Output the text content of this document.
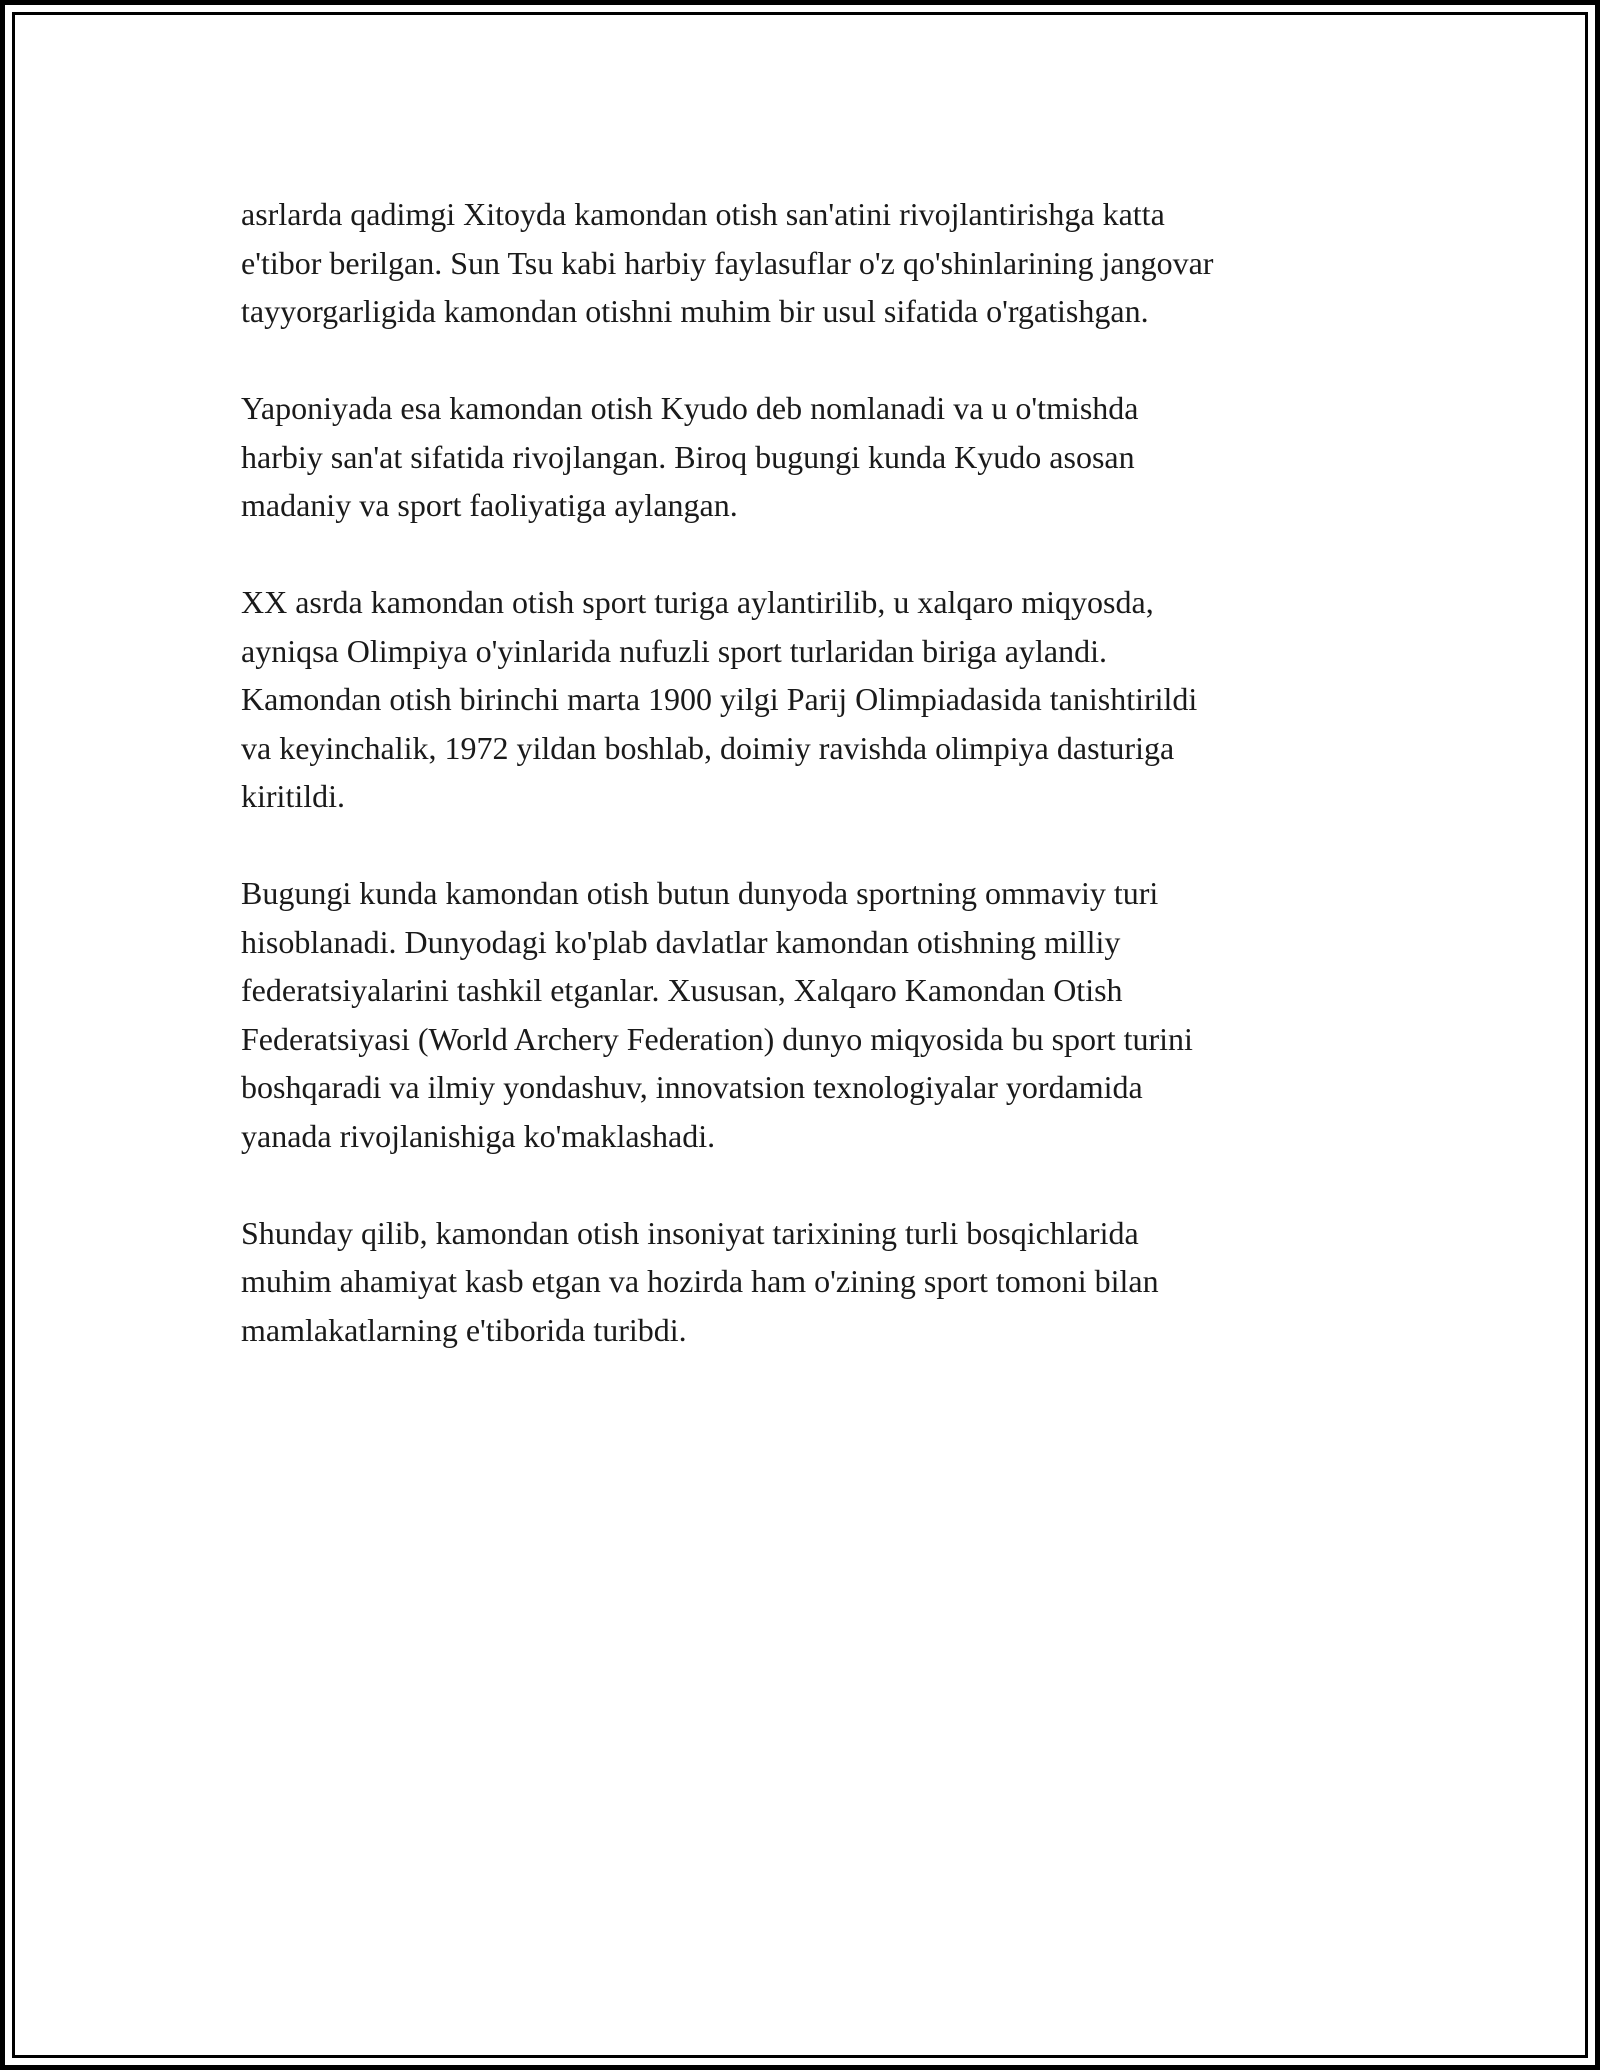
asrlarda qadimgi Xitoyda kamondan otish san'atini rivojlantirishga katta
e'tibor berilgan. Sun Tsu kabi harbiy faylasuflar o'z qo'shinlarining jangovar
tayyorgarligida kamondan otishni muhim bir usul sifatida o'rgatishgan.

Yaponiyada esa kamondan otish Kyudo deb nomlanadi va u o'tmishda
harbiy san'at sifatida rivojlangan. Biroq bugungi kunda Kyudo asosan
madaniy va sport faoliyatiga aylangan.

XX asrda kamondan otish sport turiga aylantirilib, u xalqaro miqyosda,
ayniqsa Olimpiya o'yinlarida nufuzli sport turlaridan biriga aylandi.
Kamondan otish birinchi marta 1900 yilgi Parij Olimpiadasida tanishtirildi
va keyinchalik, 1972 yildan boshlab, doimiy ravishda olimpiya dasturiga
kiritildi.

Bugungi kunda kamondan otish butun dunyoda sportning ommaviy turi
hisoblanadi. Dunyodagi ko'plab davlatlar kamondan otishning milliy
federatsiyalarini tashkil etganlar. Xususan, Xalqaro Kamondan Otish
Federatsiyasi (World Archery Federation) dunyo miqyosida bu sport turini
boshqaradi va ilmiy yondashuv, innovatsion texnologiyalar yordamida
yanada rivojlanishiga ko'maklashadi.

Shunday qilib, kamondan otish insoniyat tarixining turli bosqichlarida
muhim ahamiyat kasb etgan va hozirda ham o'zining sport tomoni bilan
mamlakatlarning e'tiborida turibdi.
